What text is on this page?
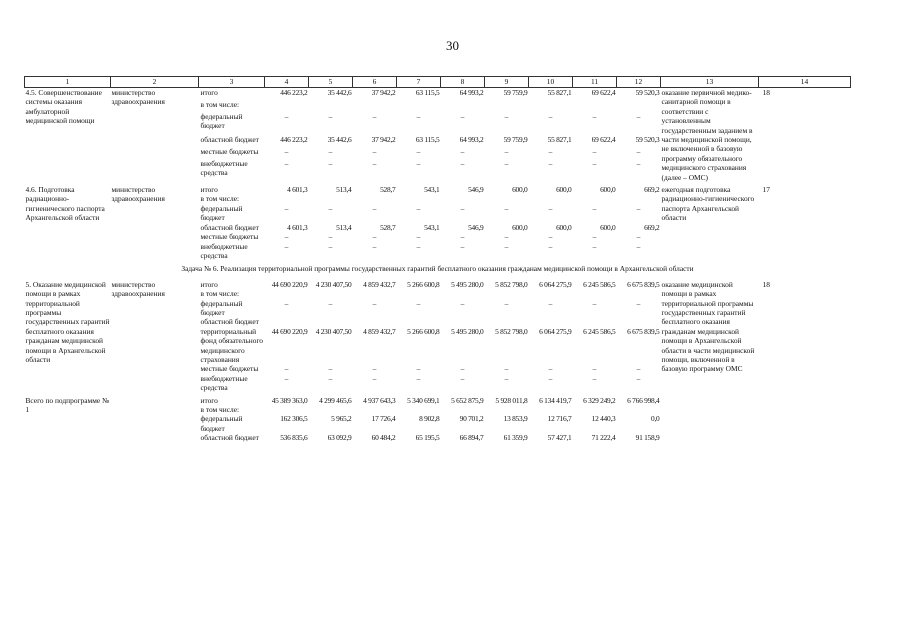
30
1	2	3	4	5	6	7	8	9	10	11	12	13	14
4.5. Совершенствование системы оказания амбулаторной медицинской помощи	министерство здравоохранения	итого	446 223,2	35 442,6	37 942,2	63 115,5	64 993,2	59 759,9	55 827,1	69 622,4	59 520,3	оказание первичной медико-санитарной помощи в соответствии с установленным государственным заданием в части медицинской помощи, не включенной в базовую программу обязательного медицинского страхования (далее – ОМС)	18
		в том числе:											
		федеральный бюджет	–	–	–	–	–	–	–	–	–		
		областной бюджет	446 223,2	35 442,6	37 942,2	63 115,5	64 993,2	59 759,9	55 827,1	69 622,4	59 520,3		
		местные бюджеты	–	–	–	–	–	–	–	–	–		
		внебюджетные средства	–	–	–	–	–	–	–	–	–		

4.6. Подготовка радиационно-гигиенического паспорта Архангельской области	министерство здравоохранения	итого	4 601,3	513,4	528,7	543,1	546,9	600,0	600,0	600,0	669,2	ежегодная подготовка радиационно-гигиенического паспорта Архангельской области	17
		в том числе:											
		федеральный бюджет	–	–	–	–	–	–	–	–	–		
		областной бюджет	4 601,3	513,4	528,7	543,1	546,9	600,0	600,0	600,0	669,2		
		местные бюджеты	–	–	–	–	–	–	–	–	–		
		внебюджетные средства	–	–	–	–	–	–	–	–	–		
Задача № 6. Реализация территориальной программы государственных гарантий бесплатного оказания гражданам медицинской помощи в Архангельской области													
5. Оказание медицинской помощи в рамках территориальной программы государственных гарантий бесплатного оказания гражданам медицинской помощи в Архангельской области	министерство здравоохранения	итого	44 690 220,9	4 230 407,50	4 859 432,7	5 266 600,8	5 495 280,0	5 852 798,0	6 064 275,9	6 245 586,5	6 675 839,5	оказание медицинской помощи в рамках территориальной программы государственных гарантий бесплатного оказания гражданам медицинской помощи в Архангельской области в части медицинской помощи, включенной в базовую программу ОМС	18
		в том числе:											
		федеральный бюджет	–	–	–	–	–	–	–	–	–		
		областной бюджет											
		территориальный фонд обязательного медицинского страхования	44 690 220,9	4 230 407,50	4 859 432,7	5 266 600,8	5 495 280,0	5 852 798,0	6 064 275,9	6 245 586,5	6 675 839,5		
		местные бюджеты	–	–	–	–	–	–	–	–	–		
		внебюджетные средства	–	–	–	–	–	–	–	–	–		

Всего по подпрограмме № 1		итого	45 389 363,0	4 299 465,6	4 937 643,3	5 340 699,1	5 652 875,9	5 928 011,8	6 134 419,7	6 329 249,2	6 766 998,4		
		в том числе:											
		федеральный бюджет	162 306,5	5 965,2	17 726,4	8 902,8	90 701,2	13 853,9	12 716,7	12 440,3	0,0		
		областной бюджет	536 835,6	63 092,9	60 484,2	65 195,5	66 894,7	61 359,9	57 427,1	71 222,4	91 158,9		
